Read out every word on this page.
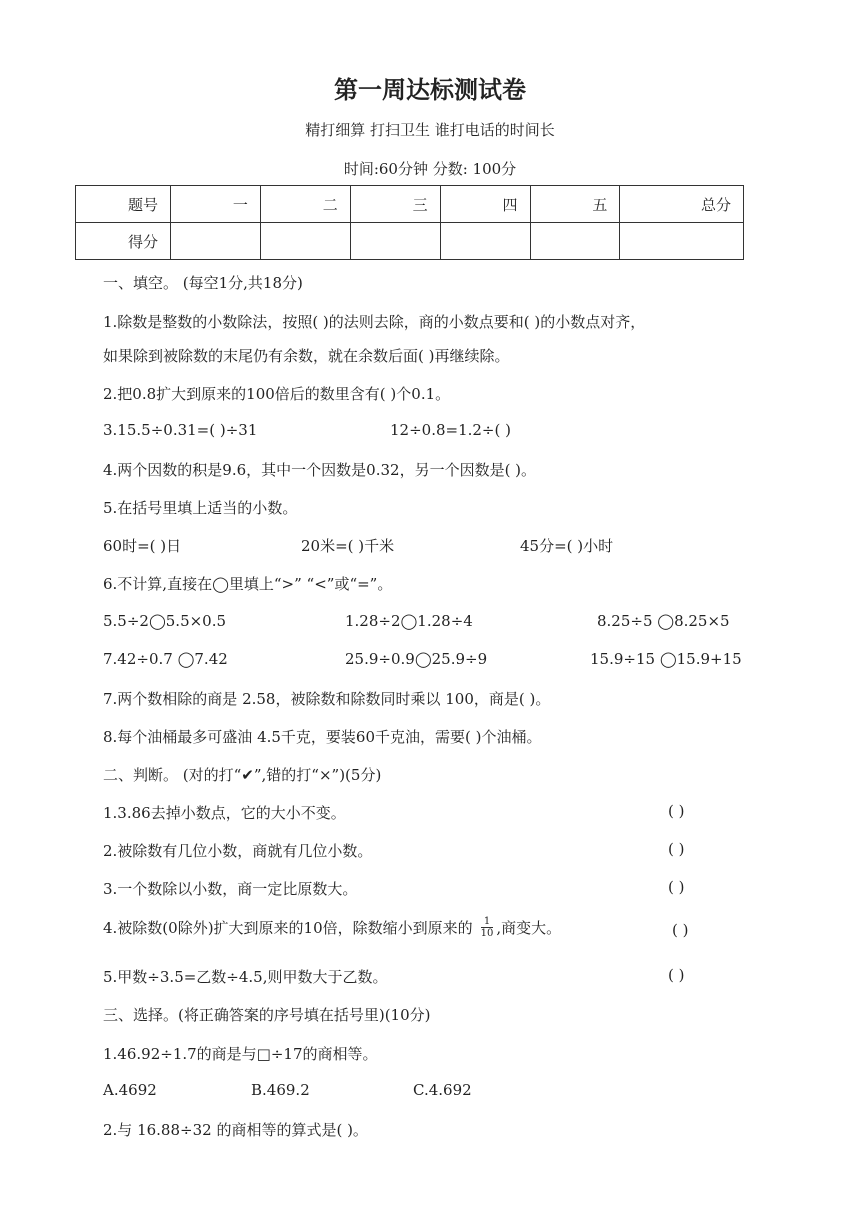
第一周达标测试卷
精打细算 打扫卫生 谁打电话的时间长
时间:60分钟 分数: 100分
题号	一	二	三	四	五	总分
得分						
一、填空。 (每空1分,共18分)
1.除数是整数的小数除法，按照( )的法则去除，商的小数点要和( )的小数点对齐，
如果除到被除数的末尾仍有余数，就在余数后面( )再继续除。
2.把0.8扩大到原来的100倍后的数里含有( )个0.1。
3.15.5÷0.31=( )÷31	12÷0.8=1.2÷( )
4.两个因数的积是9.6，其中一个因数是0.32，另一个因数是( )。
5.在括号里填上适当的小数。
60时=( )日	20米=( )千米	45分=( )小时
6.不计算,直接在◯里填上“>” “<”或“=”。
5.5÷2◯5.5×0.5	1.28÷2◯1.28÷4	8.25÷5 ◯8.25×5
7.42÷0.7 ◯7.42	25.9÷0.9◯25.9÷9	15.9÷15 ◯15.9+15
7.两个数相除的商是 2.58，被除数和除数同时乘以 100，商是( )。
8.每个油桶最多可盛油 4.5千克，要装60千克油，需要( )个油桶。
二、判断。 (对的打“✔”,错的打“×”)(5分)
1.3.86去掉小数点，它的大小不变。	( )
2.被除数有几位小数，商就有几位小数。	( )
3.一个数除以小数，商一定比原数大。	( )
4.被除数(0除外)扩大到原来的10倍，除数缩小到原来的 $\frac{1}{10}$ ,商变大。	( )
5.甲数÷3.5=乙数÷4.5,则甲数大于乙数。	( )
三、选择。(将正确答案的序号填在括号里)(10分)
1.46.92÷1.7的商是与□÷17的商相等。
A.4692	B.469.2	C.4.692
2.与 16.88÷32 的商相等的算式是( )。
